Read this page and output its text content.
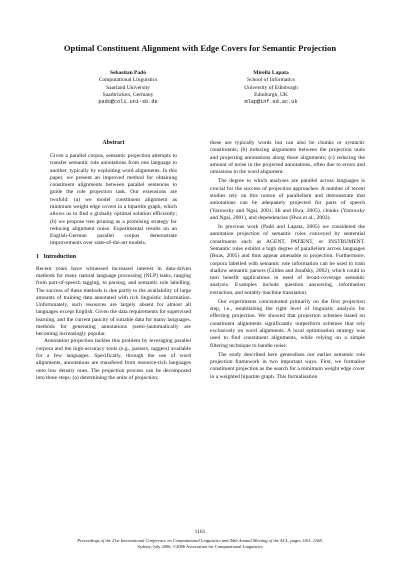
Optimal Constituent Alignment with Edge Covers for Semantic Projection
Sebastian Padó
Computational Linguistics
Saarland University
Saarbrücken, Germany
pado@coli.uni-sb.de
Mirella Lapata
School of Informatics
University of Edinburgh
Edinburgh, UK
mlap@inf.ed.ac.uk
Abstract

Given a parallel corpus, semantic projection attempts to transfer semantic role annotations from one language to another, typically by exploiting word alignments. In this paper, we present an improved method for obtaining constituent alignments between parallel sentences to guide the role projection task. Our extensions are twofold: (a) we model constituent alignment as minimum weight edge covers in a bipartite graph, which allows us to find a globally optimal solution efficiently; (b) we propose tree pruning as a promising strategy for reducing alignment noise. Experimental results on an English-German parallel corpus demonstrate improvements over state-of-the-art models.

1   Introduction

Recent years have witnessed increased interest in data-driven methods for many natural language processing (NLP) tasks, ranging from part-of-speech tagging, to parsing, and semantic role labelling. The success of these methods is due partly to the availability of large amounts of training data annotated with rich linguistic information. Unfortunately, such resources are largely absent for almost all languages except English. Given the data requirements for supervised learning, and the current paucity of suitable data for many languages, methods for generating annotations (semi-)automatically are becoming increasingly popular.

Annotation projection tackles this problem by leveraging parallel corpora and the high-accuracy tools (e.g., parsers, taggers) available for a few languages. Specifically, through the use of word alignments, annotations are transfered from resource-rich languages onto low density ones. The projection process can be decomposed into three steps: (a) determining the units of projection;

these are typically words but can also be chunks or syntactic constituents; (b) inducing alignments between the projection units and projecting annotations along these alignments; (c) reducing the amount of noise in the projected annotations, often due to errors and omissions in the word alignment.

The degree to which analyses are parallel across languages is crucial for the success of projection approaches. A number of recent studies rely on this notion of parallelism and demonstrate that annotations can be adequately projected for parts of speech (Yarowsky and Ngai, 2001; Hi and Hwa, 2005), chunks (Yarowsky and Ngai, 2001), and dependencies (Hwa et al., 2002).

In previous work (Padó and Lapata, 2005) we considered the annotation projection of semantic roles conveyed by sentential constituents such as AGENT, PATIENT, or INSTRUMENT. Semantic roles exhibit a high degree of parallelism across languages (Boas, 2005) and thus appear amenable to projection. Furthermore, corpora labelled with semantic role information can be used to train shallow semantic parsers (Gildea and Jurafsky, 2002), which could in turn benefit applications in need of broad-coverage semantic analysis. Examples include question answering, information extraction, and notably machine translation.

Our experiments concentrated primarily on the first projection step, i.e., establishing the right level of linguistic analysis for effecting projection. We showed that projection schemes based on constituent alignments significantly outperform schemes that rely exclusively on word alignments. A local optimisation strategy was used to find constituent alignments, while relying on a simple filtering technique to handle noise.

The study described here generalises our earlier semantic role projection framework in two important ways. First, we formalise constituent projection as the search for a minimum weight edge cover in a weighted bipartite graph. This formalisation

1161
Proceedings of the 21st International Conference on Computational Linguistics and 44th Annual Meeting of the ACL, pages 1161–1168,
Sydney, July 2006. ©2006 Association for Computational Linguistics
